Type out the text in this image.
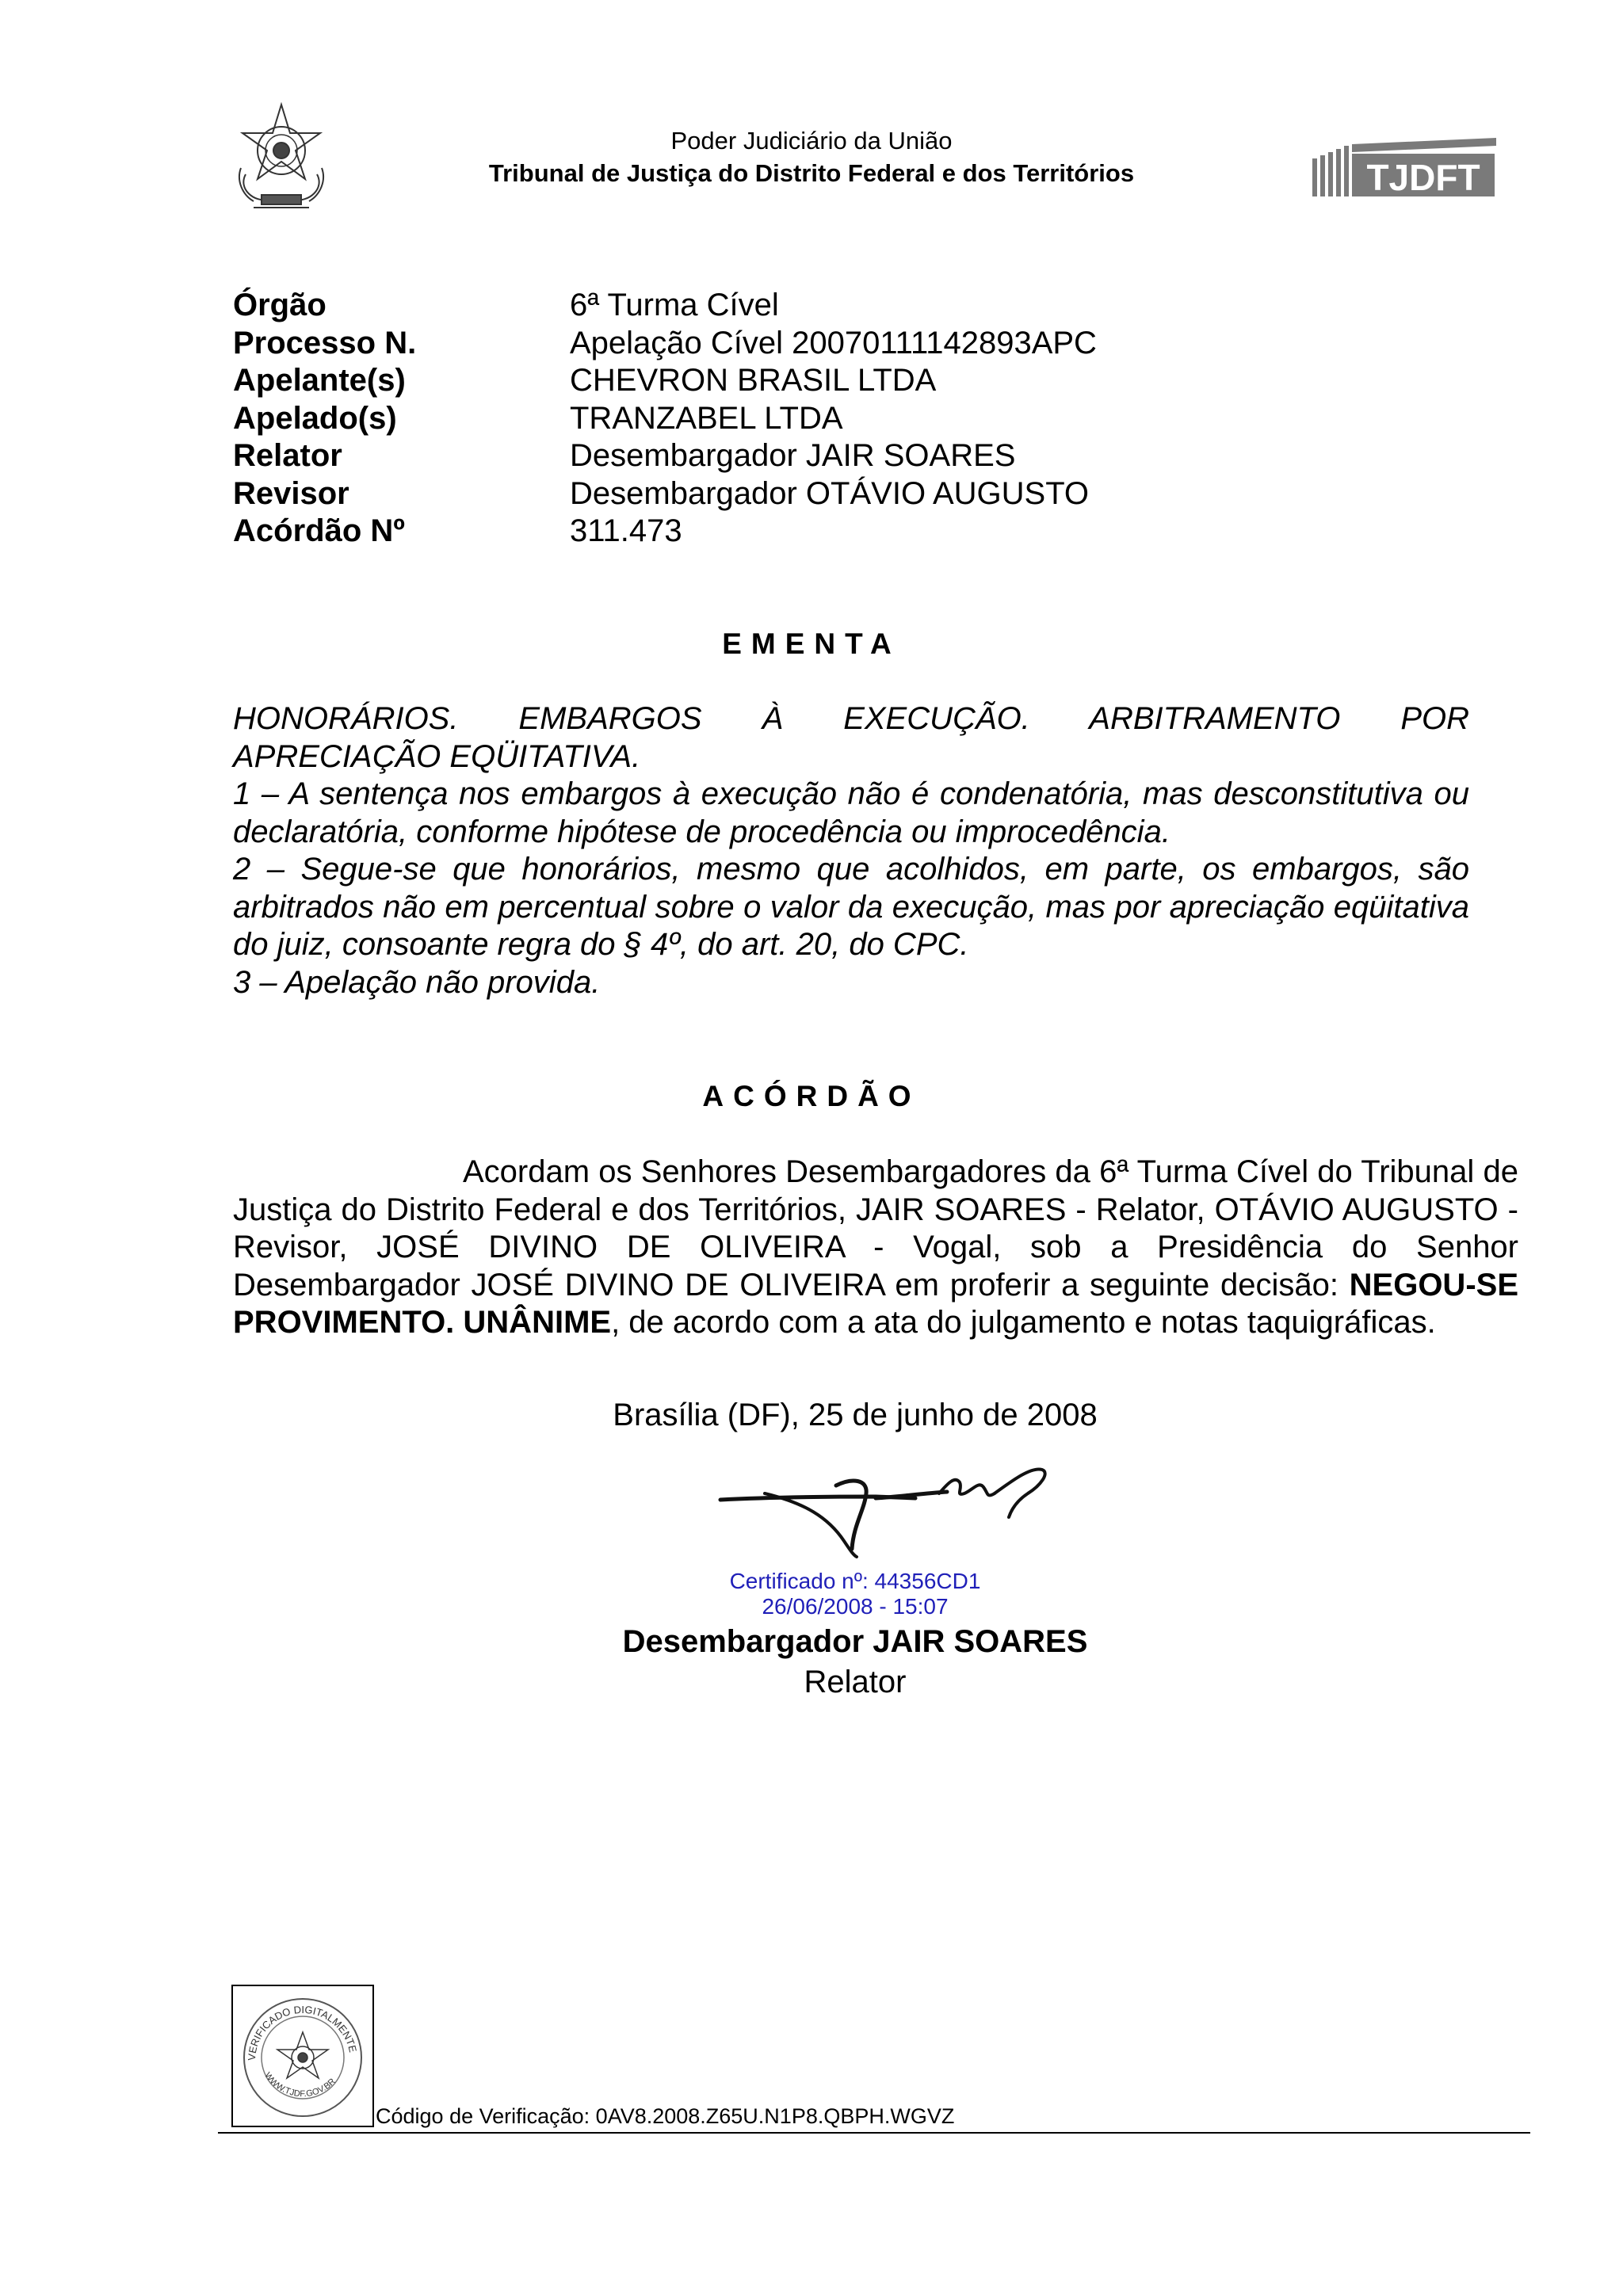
Poder Judiciário da União
Tribunal de Justiça do Distrito Federal e dos Territórios	TJDFT
Órgão	6ª Turma Cível
Processo N.	Apelação Cível 20070111142893APC
Apelante(s)	CHEVRON BRASIL LTDA
Apelado(s)	TRANZABEL LTDA
Relator	Desembargador JAIR SOARES
Revisor	Desembargador OTÁVIO AUGUSTO
Acórdão Nº	311.473
EMENTA

HONORÁRIOS. EMBARGOS À EXECUÇÃO. ARBITRAMENTO POR

APRECIAÇÃO EQÜITATIVA.

1 – A sentença nos embargos à execução não é condenatória, mas desconstitutiva ou declaratória, conforme hipótese de procedência ou improcedência.

2 – Segue-se que honorários, mesmo que acolhidos, em parte, os embargos, são arbitrados não em percentual sobre o valor da execução, mas por apreciação eqüitativa do juiz, consoante regra do § 4º, do art. 20, do CPC.

3 – Apelação não provida.

ACÓRDÃO

Acordam os Senhores Desembargadores da 6ª Turma Cível do Tribunal de Justiça do Distrito Federal e dos Territórios, JAIR SOARES - Relator, OTÁVIO AUGUSTO - Revisor, JOSÉ DIVINO DE OLIVEIRA - Vogal, sob a Presidência do Senhor Desembargador JOSÉ DIVINO DE OLIVEIRA em proferir a seguinte decisão: NEGOU-SE PROVIMENTO. UNÂNIME, de acordo com a ata do julgamento e notas taquigráficas.

Brasília (DF), 25 de junho de 2008
Certificado nº: 44356CD1
26/06/2008 - 15:07
Desembargador JAIR SOARES
Relator
VERIFICADO DIGITALMENTE
WWW.TJDF.GOV.BR
Código de Verificação: 0AV8.2008.Z65U.N1P8.QBPH.WGVZ
